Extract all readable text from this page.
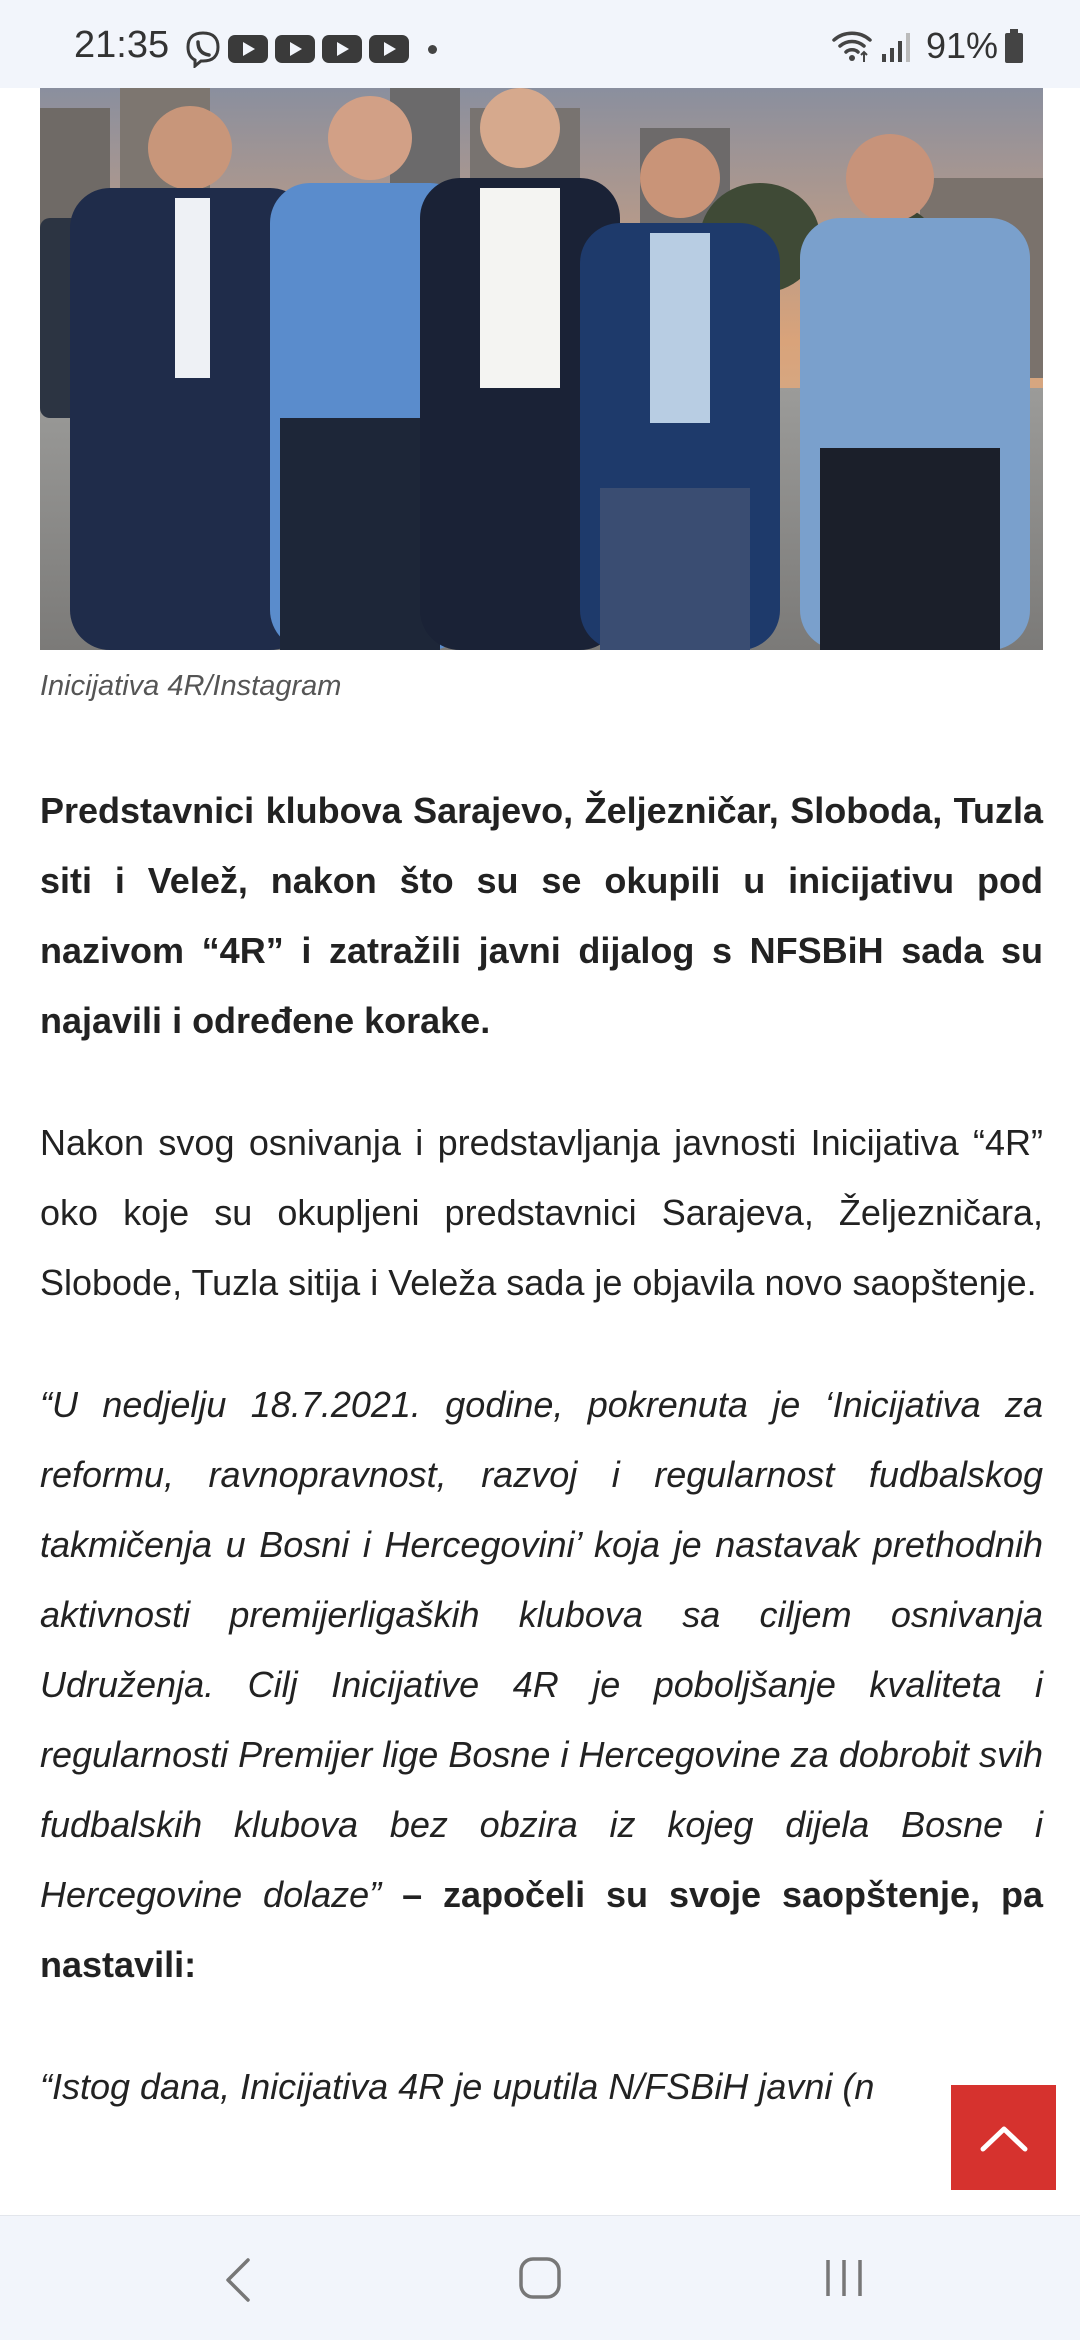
21:35	91%
Inicijativa 4R/Instagram

Predstavnici klubova Sarajevo, Željezničar, Sloboda, Tuzla siti i Velež, nakon što su se okupili u inicijativu pod nazivom “4R” i zatražili javni dijalog s NFSBiH sada su najavili i određene korake.

Nakon svog osnivanja i predstavljanja javnosti Inicijativa “4R” oko koje su okupljeni predstavnici Sarajeva, Željezničara, Slobode, Tuzla sitija i Veleža sada je objavila novo saopštenje.

“U nedjelju 18.7.2021. godine, pokrenuta je ‘Inicijativa za reformu, ravnopravnost, razvoj i regularnost fudbalskog takmičenja u Bosni i Hercegovini’ koja je nastavak prethodnih aktivnosti premijerligaških klubova sa ciljem osnivanja Udruženja. Cilj Inicijative 4R je poboljšanje kvaliteta i regularnosti Premijer lige Bosne i Hercegovine za dobrobit svih fudbalskih klubova bez obzira iz kojeg dijela Bosne i Hercegovine dolaze” – započeli su svoje saopštenje, pa nastavili:

“Istog dana, Inicijativa 4R je uputila N/FSBiH javni (n
